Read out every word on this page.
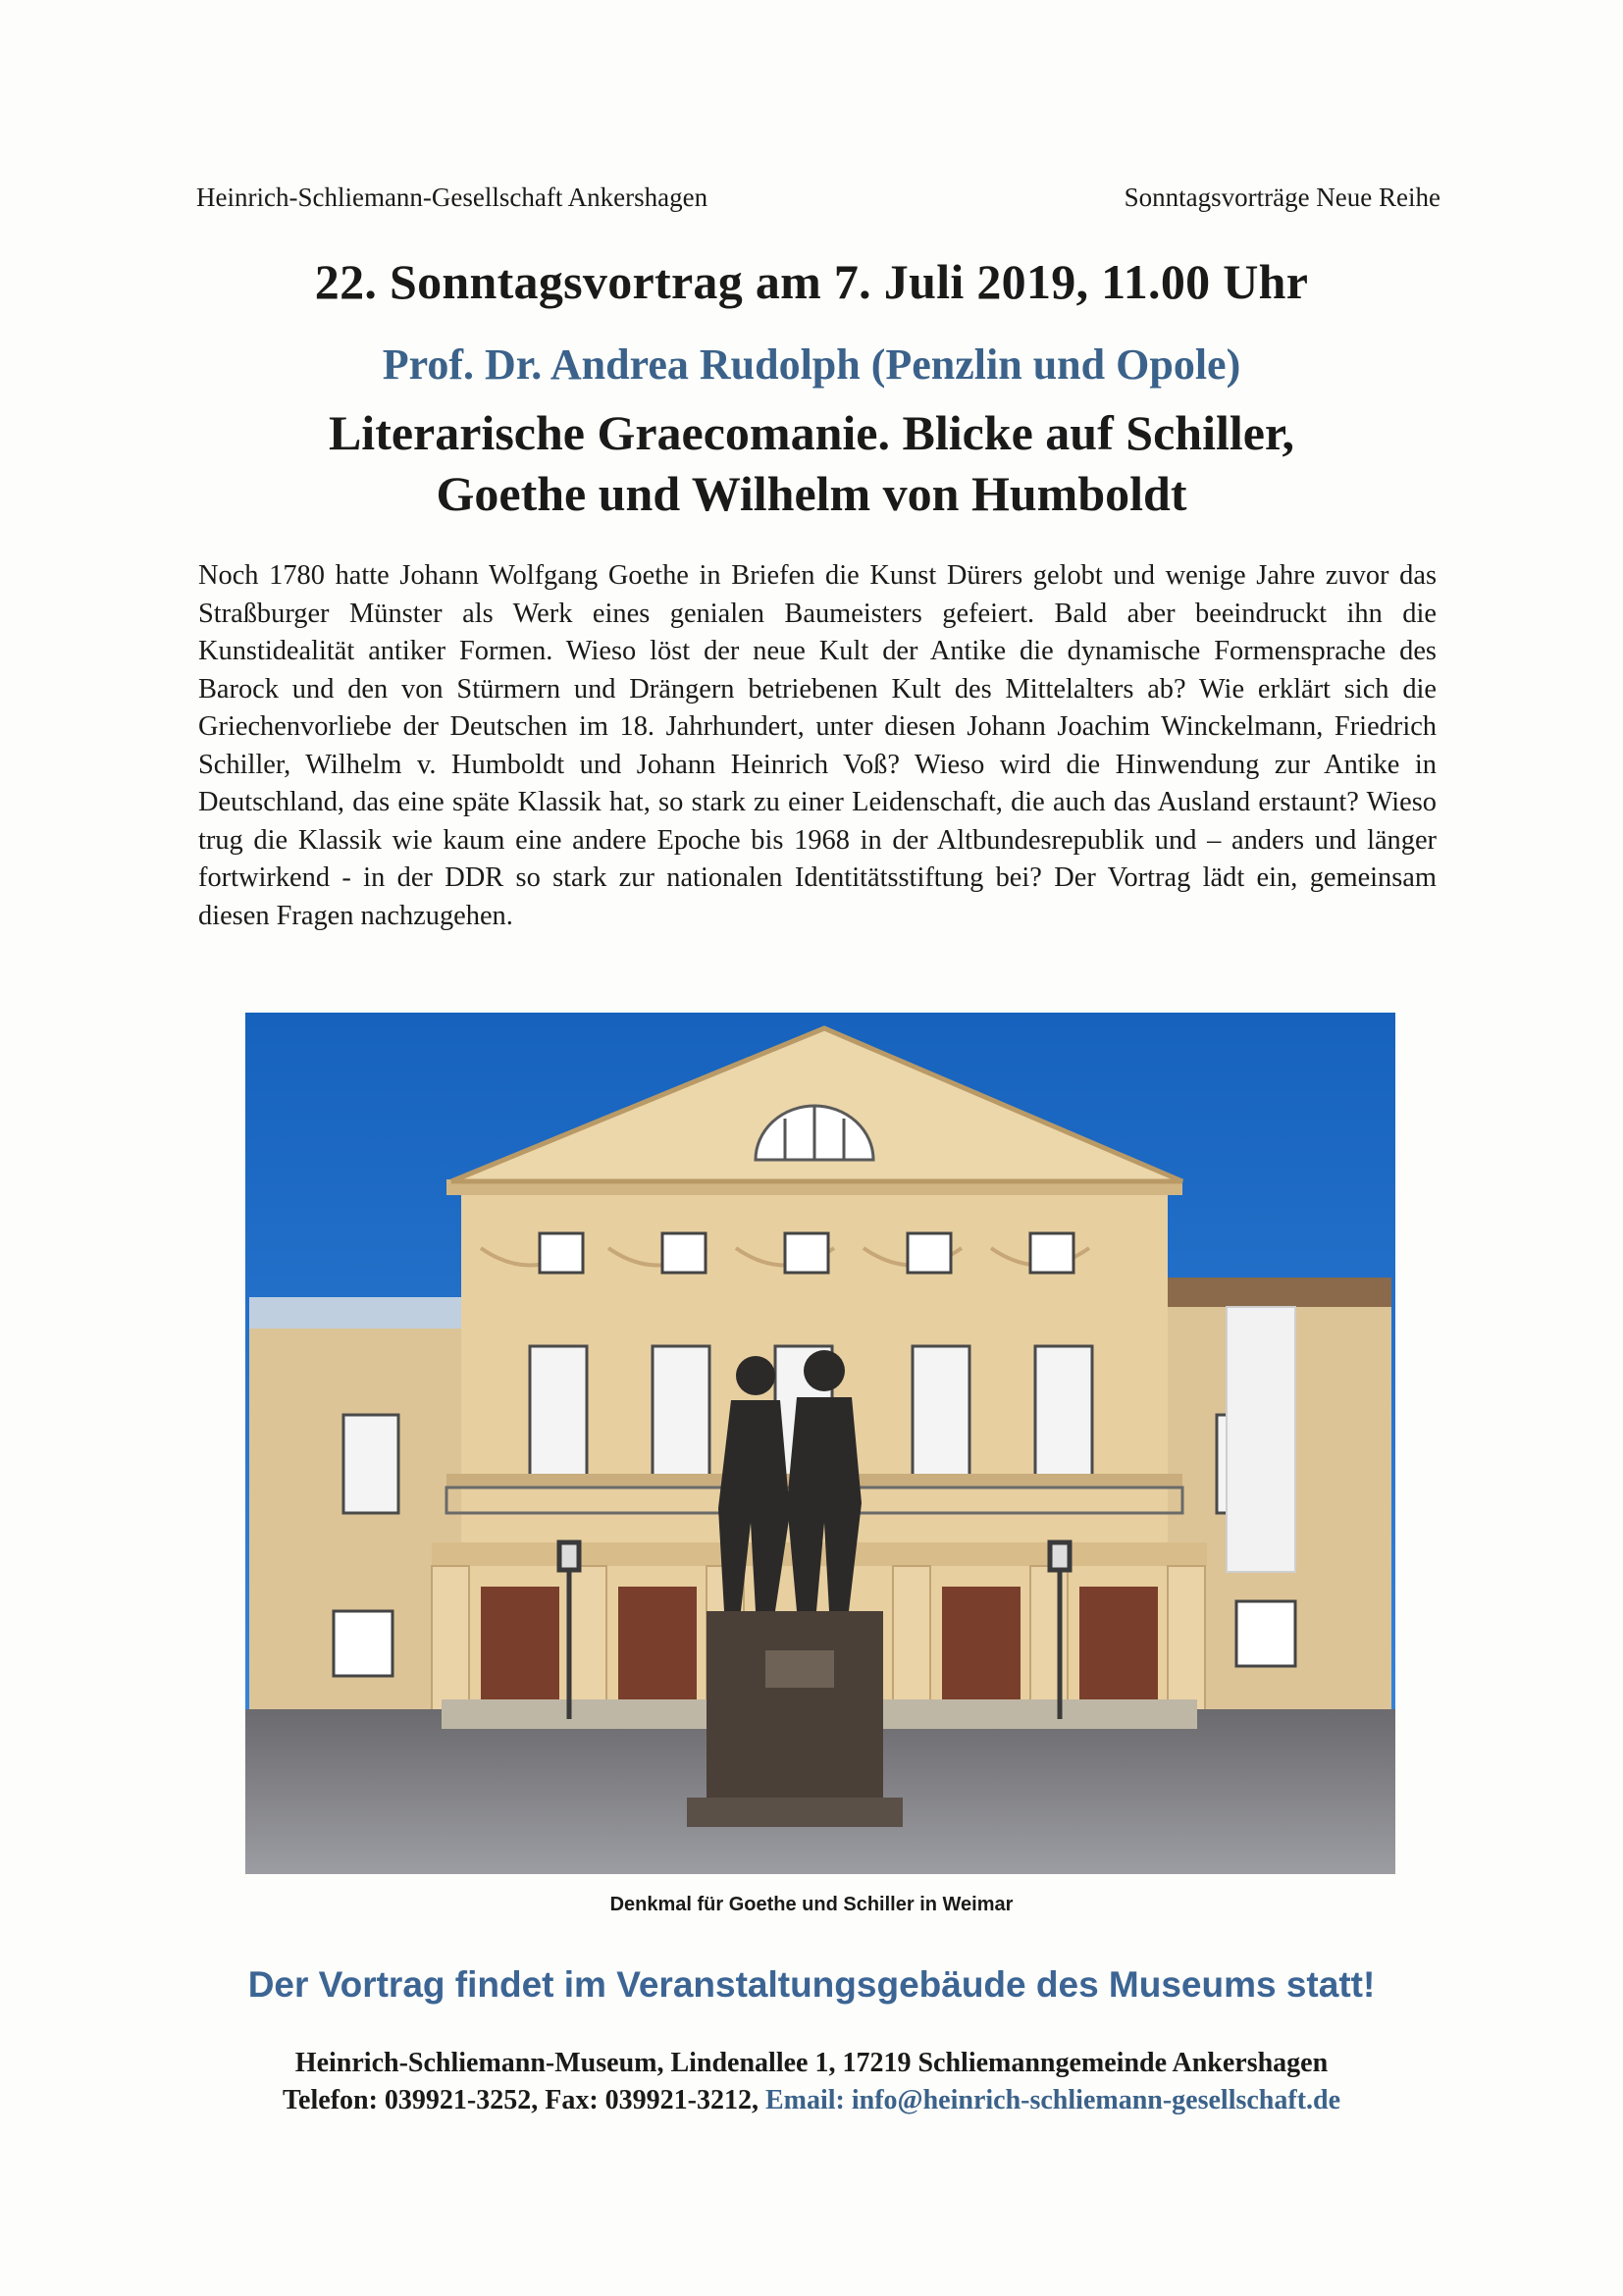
Heinrich-Schliemann-Gesellschaft Ankershagen	Sonntagsvorträge Neue Reihe
22. Sonntagsvortrag am 7. Juli 2019, 11.00 Uhr
Prof. Dr. Andrea Rudolph (Penzlin und Opole)
Literarische Graecomanie. Blicke auf Schiller,
Goethe und Wilhelm von Humboldt

Noch 1780 hatte Johann Wolfgang Goethe in Briefen die Kunst Dürers gelobt und wenige Jahre zuvor das Straßburger Münster als Werk eines genialen Baumeisters gefeiert. Bald aber beeindruckt ihn die Kunstidealität antiker Formen. Wieso löst der neue Kult der Antike die dynamische Formensprache des Barock und den von Stürmern und Drängern betriebenen Kult des Mittelalters ab? Wie erklärt sich die Griechenvorliebe der Deutschen im 18. Jahrhundert, unter diesen Johann Joachim Winckelmann, Friedrich Schiller, Wilhelm v. Humboldt und Johann Heinrich Voß? Wieso wird die Hinwendung zur Antike in Deutschland, das eine späte Klassik hat, so stark zu einer Leidenschaft, die auch das Ausland erstaunt? Wieso trug die Klassik wie kaum eine andere Epoche bis 1968 in der Altbundesrepublik und – anders und länger fortwirkend - in der DDR so stark zur nationalen Identitätsstiftung bei? Der Vortrag lädt ein, gemeinsam diesen Fragen nachzugehen.

Denkmal für Goethe und Schiller in Weimar
Der Vortrag findet im Veranstaltungsgebäude des Museums statt!
Heinrich-Schliemann-Museum, Lindenallee 1, 17219 Schliemanngemeinde Ankershagen
Telefon: 039921-3252, Fax: 039921-3212, Email: info@heinrich-schliemann-gesellschaft.de
